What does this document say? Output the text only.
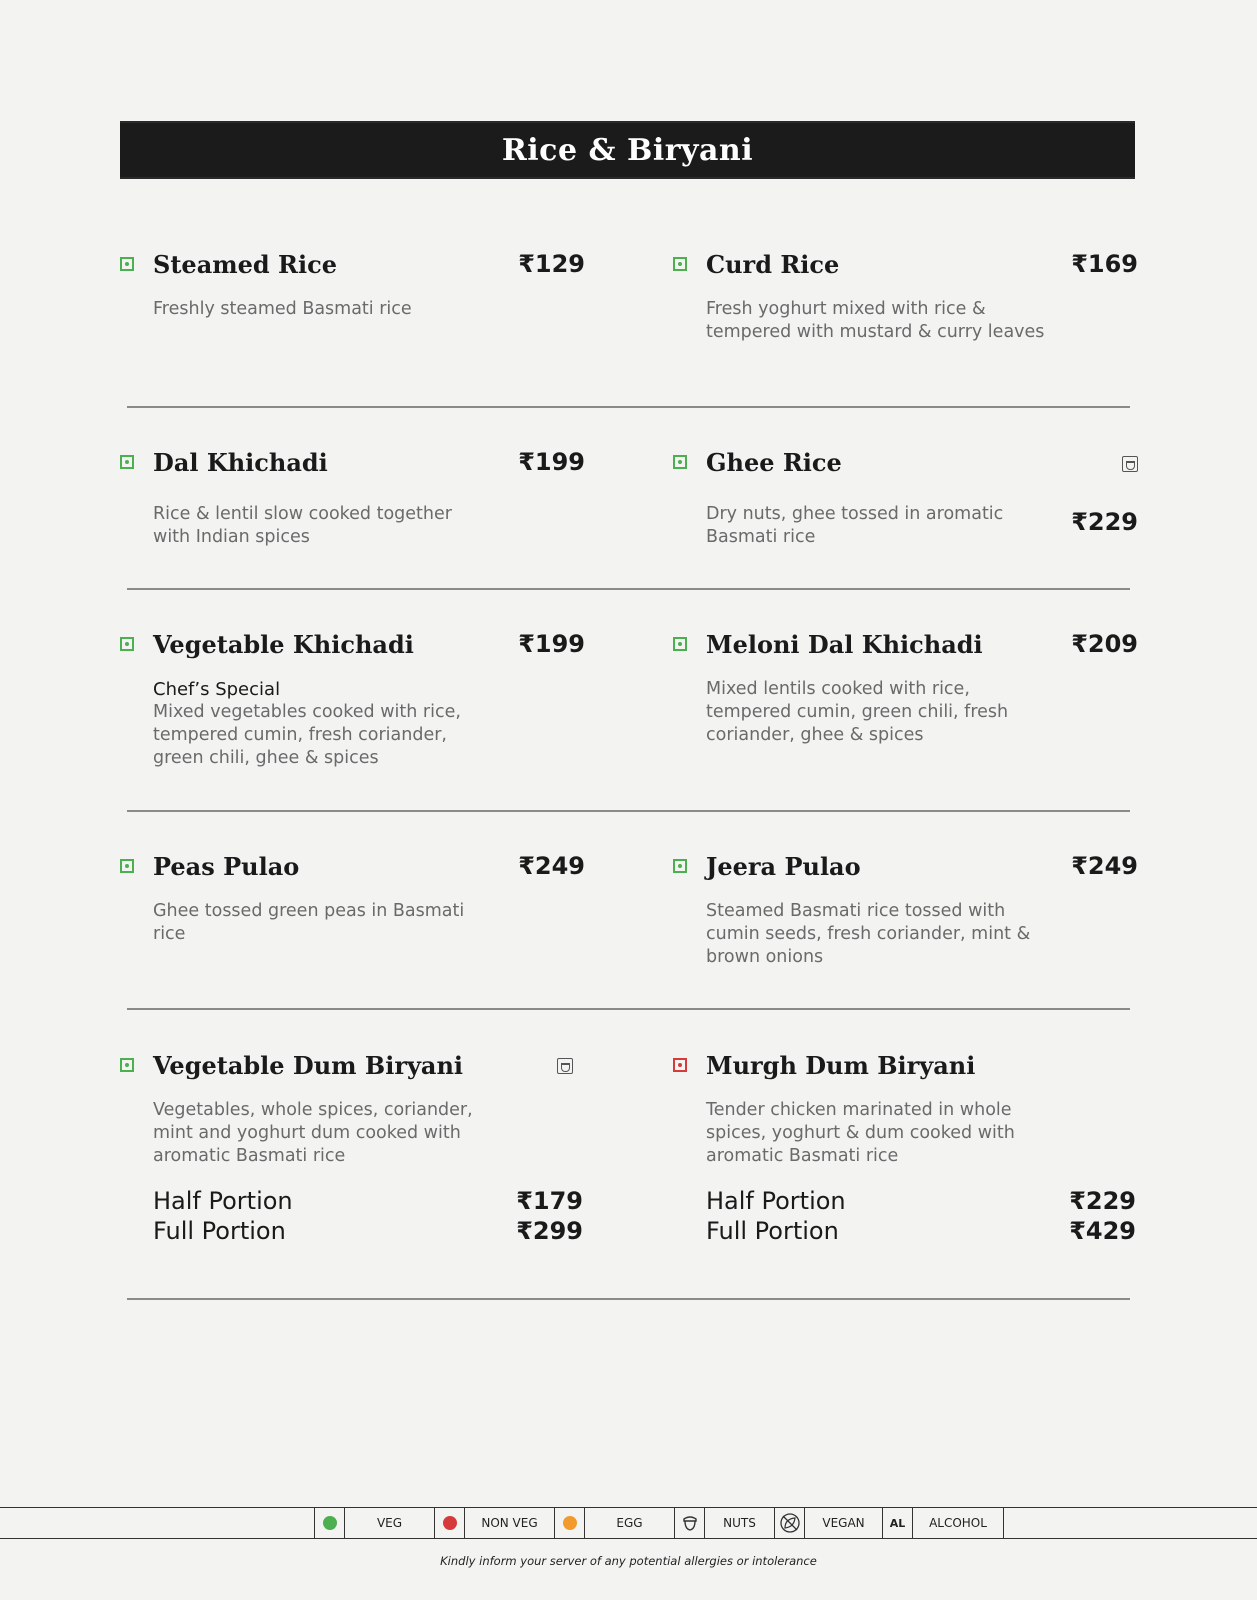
Rice & Biryani
Steamed Rice	₹129
Freshly steamed Basmati rice
Curd Rice	₹169
Fresh yoghurt mixed with rice & tempered with mustard & curry leaves
Dal Khichadi	₹199
Rice & lentil slow cooked together with Indian spices
Ghee Rice
₹229
Dry nuts, ghee tossed in aromatic Basmati rice
Vegetable Khichadi	₹199
Chef’s Special
Mixed vegetables cooked with rice, tempered cumin, fresh coriander, green chili, ghee & spices
Meloni Dal Khichadi	₹209
Mixed lentils cooked with rice, tempered cumin, green chili, fresh coriander, ghee & spices
Peas Pulao	₹249
Ghee tossed green peas in Basmati rice
Jeera Pulao	₹249
Steamed Basmati rice tossed with cumin seeds, fresh coriander, mint & brown onions
Vegetable Dum Biryani
Vegetables, whole spices, coriander, mint and yoghurt dum cooked with aromatic Basmati rice
Half Portion	₹179
Full Portion	₹299
Murgh Dum Biryani
Tender chicken marinated in whole spices, yoghurt & dum cooked with aromatic Basmati rice
Half Portion	₹229
Full Portion	₹429
VEG	NON VEG	EGG	NUTS	VEGAN	AL	ALCOHOL
Kindly inform your server of any potential allergies or intolerance
